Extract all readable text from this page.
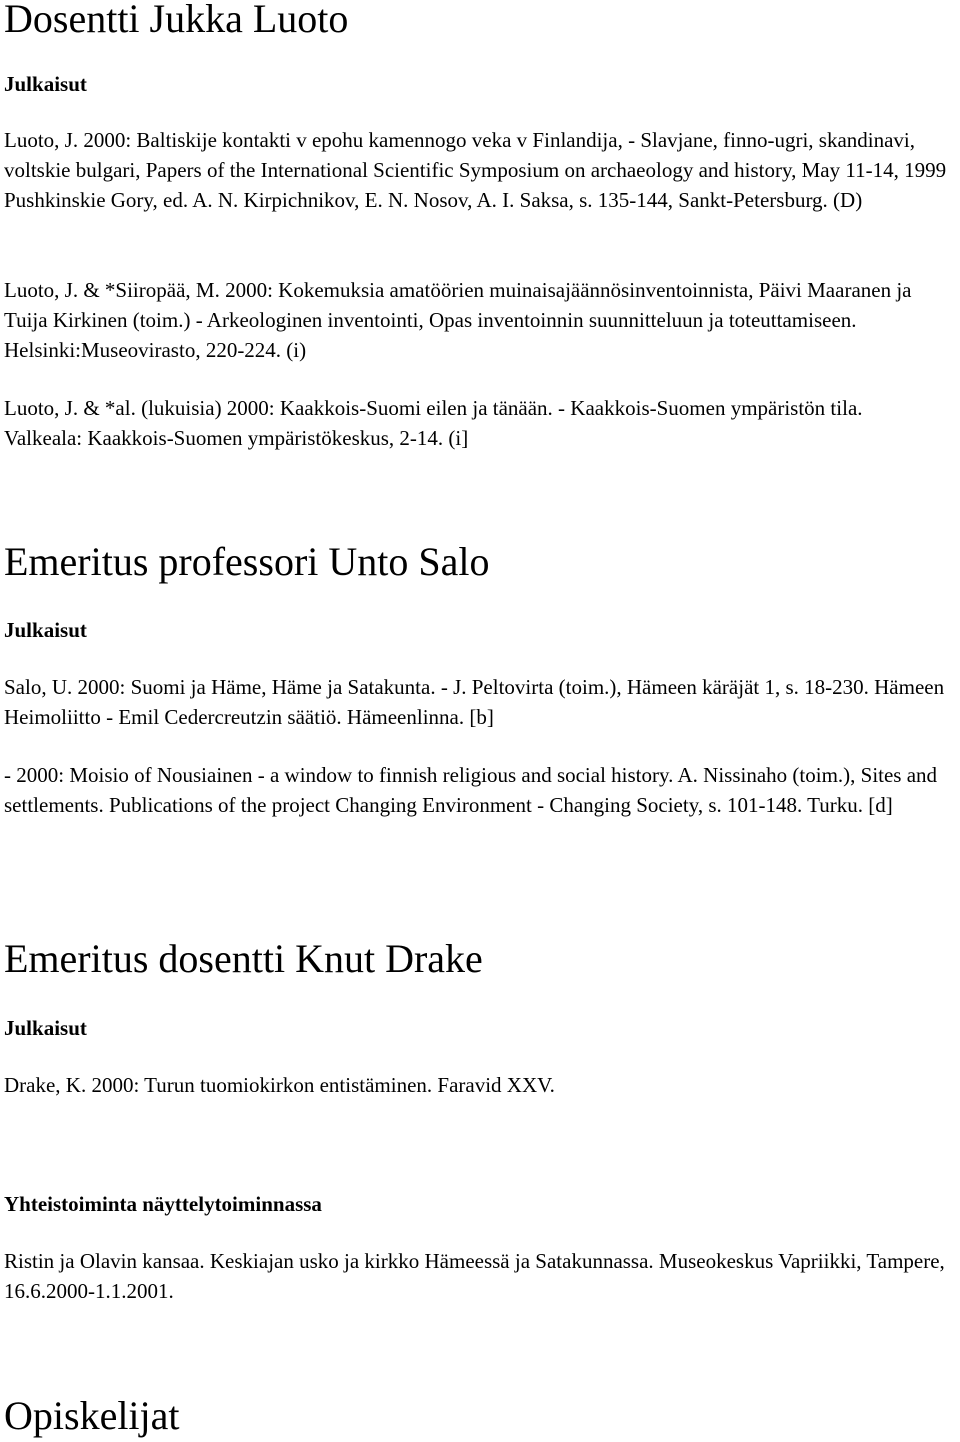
Dosentti Jukka Luoto
Julkaisut

Luoto, J. 2000: Baltiskije kontakti v epohu kamennogo veka v Finlandija, - Slavjane, finno-ugri, skandinavi, voltskie bulgari, Papers of the International Scientific Symposium on archaeology and history, May 11-14, 1999 Pushkinskie Gory, ed. A. N. Kirpichnikov, E. N. Nosov, A. I. Saksa, s. 135-144, Sankt-Petersburg. (D)

Luoto, J. & *Siiropää, M. 2000: Kokemuksia amatöörien muinaisajäännösinventoinnista, Päivi Maaranen ja Tuija Kirkinen (toim.) - Arkeologinen inventointi, Opas inventoinnin suunnitteluun ja toteuttamiseen. Helsinki:Museovirasto, 220-224. (i)

Luoto, J. & *al. (lukuisia) 2000: Kaakkois-Suomi eilen ja tänään. - Kaakkois-Suomen ympäristön tila. Valkeala: Kaakkois-Suomen ympäristökeskus, 2-14. (i]

Emeritus professori Unto Salo
Julkaisut

Salo, U. 2000: Suomi ja Häme, Häme ja Satakunta. - J. Peltovirta (toim.), Hämeen käräjät 1, s. 18-230. Hämeen Heimoliitto - Emil Cedercreutzin säätiö. Hämeenlinna. [b]

- 2000: Moisio of Nousiainen - a window to finnish religious and social history. A. Nissinaho (toim.), Sites and settlements. Publications of the project Changing Environment - Changing Society, s. 101-148. Turku. [d]

Emeritus dosentti Knut Drake
Julkaisut

Drake, K. 2000: Turun tuomiokirkon entistäminen. Faravid XXV.

Yhteistoiminta näyttelytoiminnassa

Ristin ja Olavin kansaa. Keskiajan usko ja kirkko Hämeessä ja Satakunnassa. Museokeskus Vapriikki, Tampere, 16.6.2000-1.1.2001.

Opiskelijat
